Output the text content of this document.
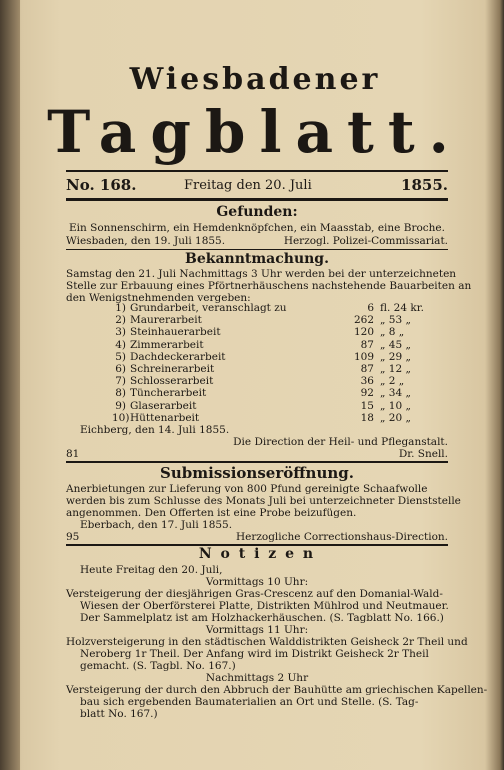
Wiesbadener
Tagblatt.
No. 168.	Freitag den 20. Juli	1855.
Gefunden:
Ein Sonnenschirm, ein Hemdenknöpfchen, ein Maasstab, eine Broche.
Wiesbaden, den 19. Juli 1855.	Herzogl. Polizei-Commissariat.
Bekanntmachung.
Samstag den 21. Juli Nachmittags 3 Uhr werden bei der unterzeichneten
Stelle zur Erbauung eines Pförtnerhäuschens nachstehende Bauarbeiten an
den Wenigstnehmenden vergeben:
1) Grundarbeit, veranschlagt zu	6 fl. 24 kr.
2) Maurerarbeit	262 „ 53 „
3) Steinhauerarbeit	120 „ 8 „
4) Zimmerarbeit	87 „ 45 „
5) Dachdeckerarbeit	109 „ 29 „
6) Schreinerarbeit	87 „ 12 „
7) Schlosserarbeit	36 „ 2 „
8) Tüncherarbeit	92 „ 34 „
9) Glaserarbeit	15 „ 10 „
10) Hüttenarbeit	18 „ 20 „
Eichberg, den 14. Juli 1855.
Die Direction der Heil- und Pfleganstalt.
81	Dr. Snell.
Submissionseröffnung.
Anerbietungen zur Lieferung von 800 Pfund gereinigte Schaafwolle
werden bis zum Schlusse des Monats Juli bei unterzeichneter Dienststelle
angenommen. Den Offerten ist eine Probe beizufügen.
Eberbach, den 17. Juli 1855.
95	Herzogliche Correctionshaus-Direction.
N o t i z e n
Heute Freitag den 20. Juli,
Vormittags 10 Uhr:
Versteigerung der diesjährigen Gras-Crescenz auf den Domanial-Wald-
Wiesen der Oberförsterei Platte, Distrikten Mühlrod und Neutmauer.
Der Sammelplatz ist am Holzhackerhäuschen. (S. Tagblatt No. 166.)
Vormittags 11 Uhr:
Holzversteigerung in den städtischen Walddistrikten Geisheck 2r Theil und
Neroberg 1r Theil. Der Anfang wird im Distrikt Geisheck 2r Theil
gemacht. (S. Tagbl. No. 167.)
Nachmittags 2 Uhr
Versteigerung der durch den Abbruch der Bauhütte am griechischen Kapellen-
bau sich ergebenden Baumaterialien an Ort und Stelle. (S. Tag-
blatt No. 167.)
